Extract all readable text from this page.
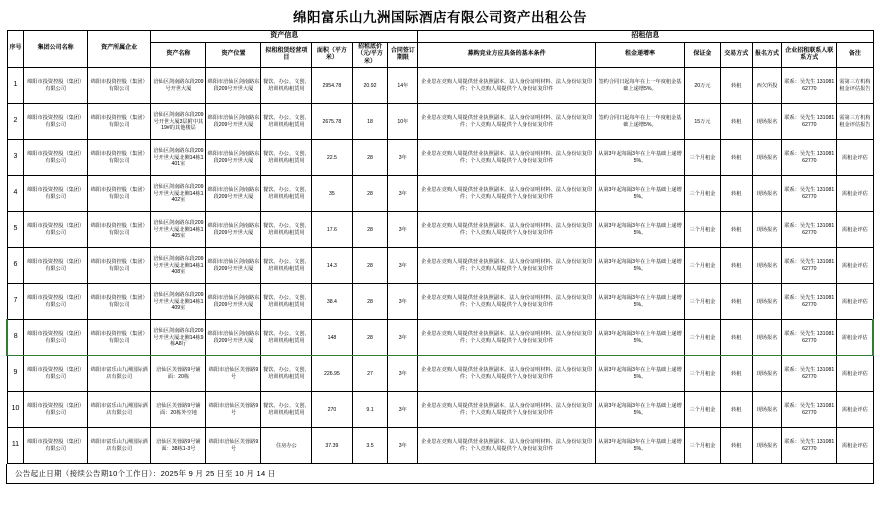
绵阳富乐山九洲国际酒店有限公司资产出租公告
序号	集团公司名称	资产所属企业	资产信息						招租信息						
			资产名称	资产位置	拟租租赁经营项目	面积（平方米）	招租底价（元/平方米）	合同签订期限	募购竞业方应具备的基本条件	租金递增率	保证金	交易方式	报名方式	企业招租联系人联系方式	备注

1	绵阳市投资控股（集团）有限公司	绵阳市投资控股（集团）有限公司	涪仙区剑南路东段209号开世大厦	绵阳市涪仙区剑南路东段209号开世大厦	餐饮、办公、文创、培训机构租赁用	2954.78	20.92	14年	企业思在竞购人周提供营业执照副本、法人身份证明材料、法人身份证复印件；个人竞购人周提供个人身份证复印件	签约合同日起每年在上一年度租金基础上递增5%。	20万元	转租	西欠所投	联系：吴先生 13108162770	需第三方机构租金评估报告
2	绵阳市投资控股（集团）有限公司	绵阳市投资控股（集团）有限公司	涪仙区剑南路东段209号开世大厦3层附中其19#的其他楼层	绵阳市涪仙区剑南路东段209号开世大厦	餐饮、办公、文创、培训机构租赁用	2675.78	18	10年	企业思在竞购人周提供营业执照副本、法人身份证明材料、法人身份证复印件；个人竞购人周提供个人身份证复印件	签约合同日起每年在上一年度租金基础上递增5%。	15万元	转租	现场报名	联系：吴先生 13108162770	需第三方机构租金评估报告
3	绵阳市投资控股（集团）有限公司	绵阳市投资控股（集团）有限公司	涪仙区剑南路东段209号开世大厦北侧14栋1401室	绵阳市涪仙区剑南路东段209号开世大厦	餐饮、办公、文创、培训机构租赁用	22.5	28	3年	企业思在竞购人周提供营业执照副本、法人身份证明材料、法人身份证复印件；个人竞购人周提供个人身份证复印件	从第3年起每隔3年在上年基础上递增5%。	三个月租金	转租	现场报名	联系：吴先生 13108162770	需租金评估
4	绵阳市投资控股（集团）有限公司	绵阳市投资控股（集团）有限公司	涪仙区剑南路东段209号开世大厦北侧14栋1402室	绵阳市涪仙区剑南路东段209号开世大厦	餐饮、办公、文创、培训机构租赁用	35	28	3年	企业思在竞购人周提供营业执照副本、法人身份证明材料、法人身份证复印件；个人竞购人周提供个人身份证复印件	从第3年起每隔3年在上年基础上递增5%。	三个月租金	转租	现场报名	联系：吴先生 13108162770	需租金评估
5	绵阳市投资控股（集团）有限公司	绵阳市投资控股（集团）有限公司	涪仙区剑南路东段209号开世大厦北侧14栋1405室	绵阳市涪仙区剑南路东段209号开世大厦	餐饮、办公、文创、培训机构租赁用	17.6	28	3年	企业思在竞购人周提供营业执照副本、法人身份证明材料、法人身份证复印件；个人竞购人周提供个人身份证复印件	从第3年起每隔3年在上年基础上递增5%。	三个月租金	转租	现场报名	联系：吴先生 13108162770	需租金评估
6	绵阳市投资控股（集团）有限公司	绵阳市投资控股（集团）有限公司	涪仙区剑南路东段209号开世大厦北侧14栋1408室	绵阳市涪仙区剑南路东段209号开世大厦	餐饮、办公、文创、培训机构租赁用	14.3	28	3年	企业思在竞购人周提供营业执照副本、法人身份证明材料、法人身份证复印件；个人竞购人周提供个人身份证复印件	从第3年起每隔3年在上年基础上递增5%。	三个月租金	转租	现场报名	联系：吴先生 13108162770	需租金评估
7	绵阳市投资控股（集团）有限公司	绵阳市投资控股（集团）有限公司	涪仙区剑南路东段209号开世大厦北侧14栋1409室	绵阳市涪仙区剑南路东段209号开世大厦	餐饮、办公、文创、培训机构租赁用	38.4	28	3年	企业思在竞购人周提供营业执照副本、法人身份证明材料、法人身份证复印件；个人竞购人周提供个人身份证复印件	从第3年起每隔3年在上年基础上递增5%。	三个月租金	转租	现场报名	联系：吴先生 13108162770	需租金评估
8	绵阳市投资控股（集团）有限公司	绵阳市投资控股（集团）有限公司	涪仙区剑南路东段209号开世大厦北侧14栋9栋A8厅	绵阳市涪仙区剑南路东段209号开世大厦	餐饮、办公、文创、培训机构租赁用	148	28	3年	企业思在竞购人周提供营业执照副本、法人身份证明材料、法人身份证复印件；个人竞购人周提供个人身份证复印件	从第3年起每隔3年在上年基础上递增5%。	三个月租金	转租	现场报名	联系：吴先生 13108162770	需租金评估
9	绵阳市投资控股（集团）有限公司	绵阳市富乐山九洲国际酒店有限公司	涪仙区芙蓉路9号铺面：20栋	绵阳市涪仙区芙蓉路9号	餐饮、办公、文创、培训机构租赁用	226.95	27	3年	企业思在竞购人周提供营业执照副本、法人身份证明材料、法人身份证复印件；个人竞购人周提供个人身份证复印件	从第3年起每隔3年在上年基础上递增5%。	三个月租金	转租	现场报名	联系：吴先生 13108162770	需租金评估
10	绵阳市投资控股（集团）有限公司	绵阳市富乐山九洲国际酒店有限公司	涪仙区芙蓉路9号铺面：20栋外空地	绵阳市涪仙区芙蓉路9号	餐饮、办公、文创、培训机构租赁用	270	9.1	3年	企业思在竞购人周提供营业执照副本、法人身份证明材料、法人身份证复印件；个人竞购人周提供个人身份证复印件	从第3年起每隔3年在上年基础上递增5%。	三个月租金	转租	现场报名	联系：吴先生 13108162770	需租金评估
11	绵阳市投资控股（集团）有限公司	绵阳市富乐山九洲国际酒店有限公司	涪仙区芙蓉路9号铺面：38栋1-3号	绵阳市涪仙区芙蓉路9号	住房办公	37.39	3.5	3年	企业思在竞购人周提供营业执照副本、法人身份证明材料、法人身份证复印件；个人竞购人周提供个人身份证复印件	从第3年起每隔3年在上年基础上递增5%。	三个月租金	转租	现场报名	联系：吴先生 13108162770	需租金评估
公告起止日期（接续公告期10个工作日）：2025年 9 月 25 日至 10 月 14 日
